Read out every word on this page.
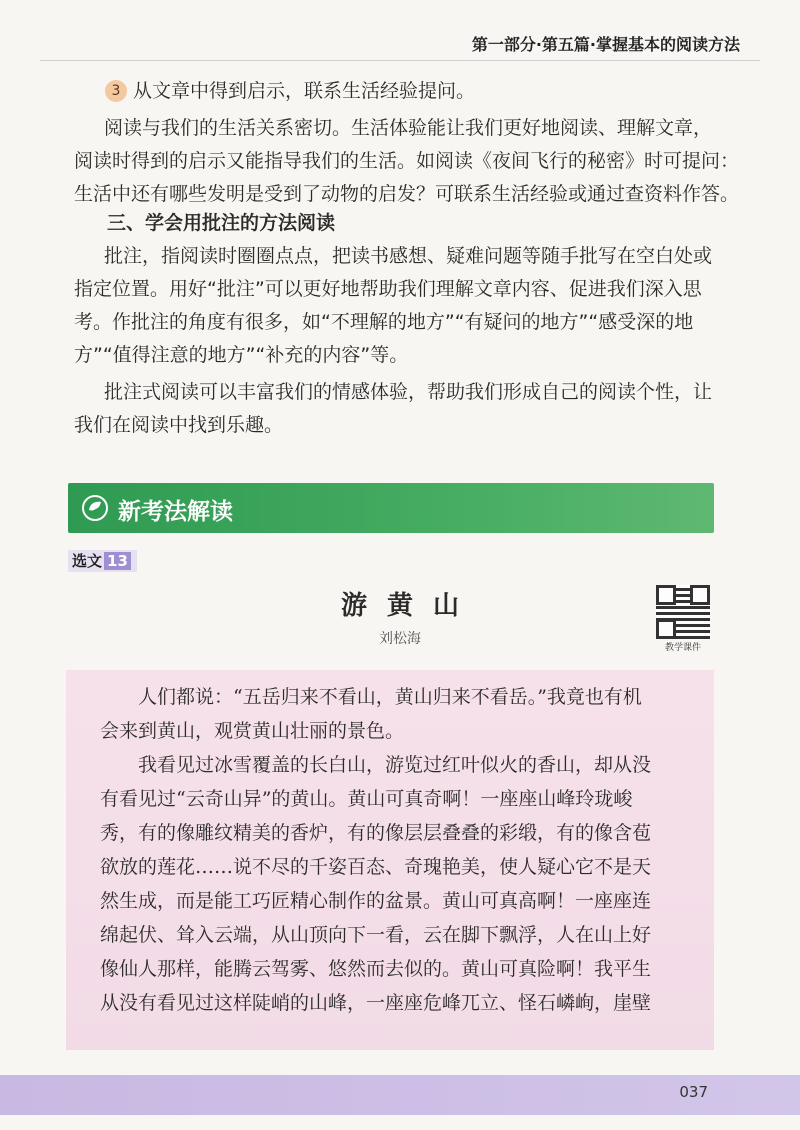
第一部分·第五篇·掌握基本的阅读方法
3 从文章中得到启示，联系生活经验提问。
阅读与我们的生活关系密切。生活体验能让我们更好地阅读、理解文章，
阅读时得到的启示又能指导我们的生活。如阅读《夜间飞行的秘密》时可提问：
生活中还有哪些发明是受到了动物的启发？可联系生活经验或通过查资料作答。
三、学会用批注的方法阅读
批注，指阅读时圈圈点点，把读书感想、疑难问题等随手批写在空白处或
指定位置。用好“批注”可以更好地帮助我们理解文章内容、促进我们深入思
考。作批注的角度有很多，如“不理解的地方”“有疑问的地方”“感受深的地
方”“值得注意的地方”“补充的内容”等。
批注式阅读可以丰富我们的情感体验，帮助我们形成自己的阅读个性，让
我们在阅读中找到乐趣。
新考法解读
选文 13
游黄山
刘松海
教学课件
人们都说：“五岳归来不看山，黄山归来不看岳。”我竟也有机
会来到黄山，观赏黄山壮丽的景色。
我看见过冰雪覆盖的长白山，游览过红叶似火的香山，却从没
有看见过“云奇山异”的黄山。黄山可真奇啊！一座座山峰玲珑峻
秀，有的像雕纹精美的香炉，有的像层层叠叠的彩缎，有的像含苞
欲放的莲花……说不尽的千姿百态、奇瑰艳美，使人疑心它不是天
然生成，而是能工巧匠精心制作的盆景。黄山可真高啊！一座座连
绵起伏、耸入云端，从山顶向下一看，云在脚下飘浮，人在山上好
像仙人那样，能腾云驾雾、悠然而去似的。黄山可真险啊！我平生
从没有看见过这样陡峭的山峰，一座座危峰兀立、怪石嶙峋，崖壁
037
